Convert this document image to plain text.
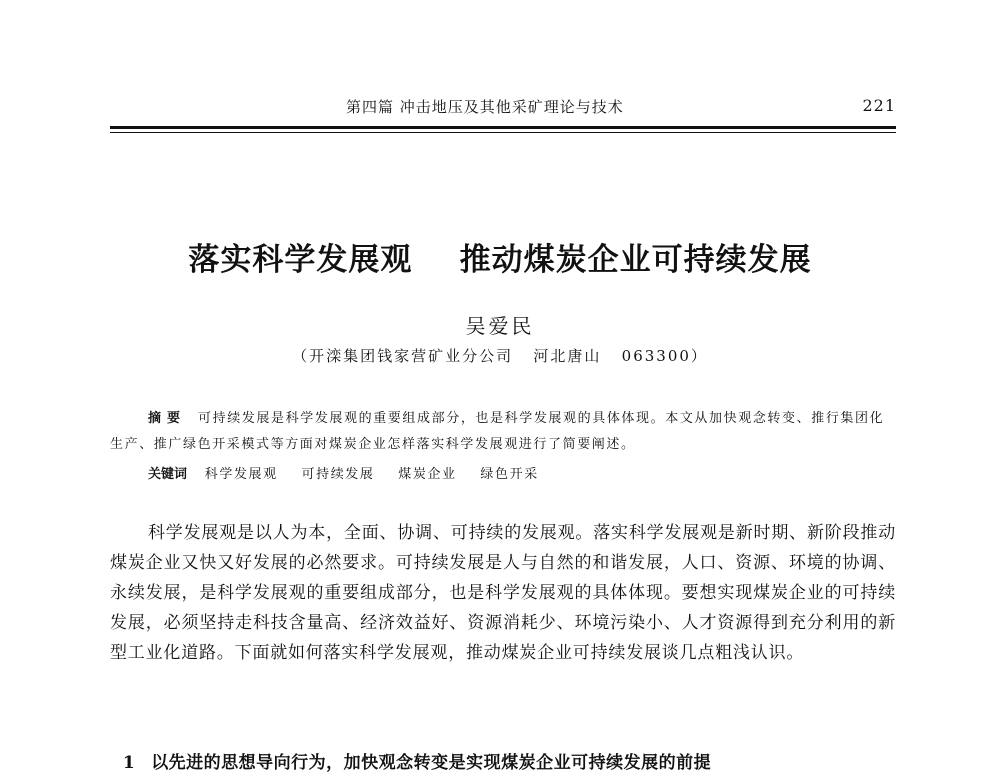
第四篇 冲击地压及其他采矿理论与技术	221
落实科学发展观    推动煤炭企业可持续发展
吴爱民
（开滦集团钱家营矿业分公司   河北唐山   063300）
摘要 可持续发展是科学发展观的重要组成部分，也是科学发展观的具体体现。本文从加快观念转变、推行集团化生产、推广绿色开采模式等方面对煤炭企业怎样落实科学发展观进行了简要阐述。
关键词 科学发展观 可持续发展 煤炭企业 绿色开采

科学发展观是以人为本，全面、协调、可持续的发展观。落实科学发展观是新时期、新阶段推动煤炭企业又快又好发展的必然要求。可持续发展是人与自然的和谐发展，人口、资源、环境的协调、永续发展，是科学发展观的重要组成部分，也是科学发展观的具体体现。要想实现煤炭企业的可持续发展，必须坚持走科技含量高、经济效益好、资源消耗少、环境污染小、人才资源得到充分利用的新型工业化道路。下面就如何落实科学发展观，推动煤炭企业可持续发展谈几点粗浅认识。

1 以先进的思想导向行为，加快观念转变是实现煤炭企业可持续发展的前提
